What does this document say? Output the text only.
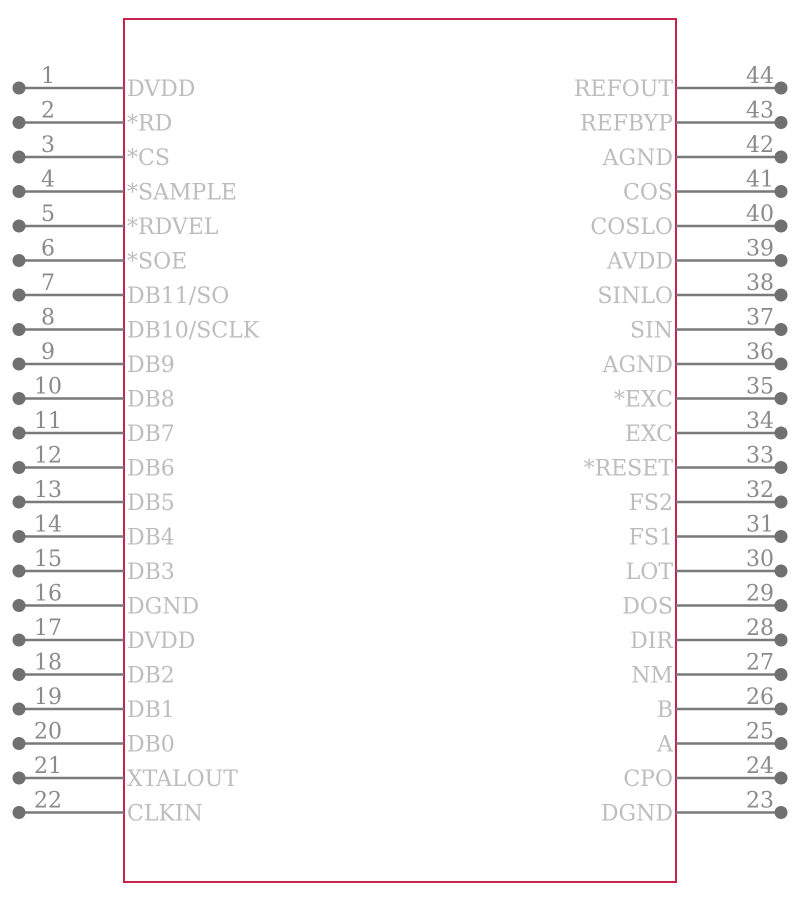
1
DVDD
2
*RD
3
*CS
4
*SAMPLE
5
*RDVEL
6
*SOE
7
DB11/SO
8
DB10/SCLK
9
DB9
10
DB8
11
DB7
12
DB6
13
DB5
14
DB4
15
DB3
16
DGND
17
DVDD
18
DB2
19
DB1
20
DB0
21
XTALOUT
22
CLKIN
44
REFOUT
43
REFBYP
42
AGND
41
COS
40
COSLO
39
AVDD
38
SINLO
37
SIN
36
AGND
35
*EXC
34
EXC
33
*RESET
32
FS2
31
FS1
30
LOT
29
DOS
28
DIR
27
NM
26
B
25
A
24
CPO
23
DGND
